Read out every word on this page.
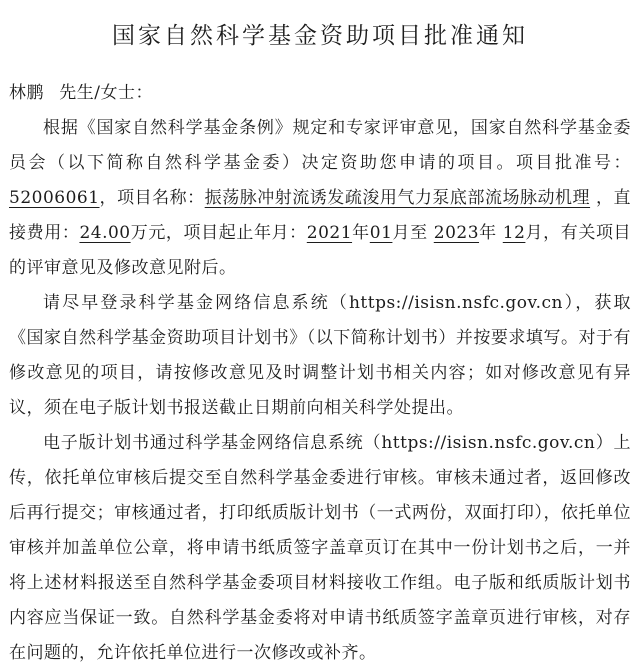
国家自然科学基金资助项目批准通知
林鹏 先生/女士：

根据《国家自然科学基金条例》规定和专家评审意见，国家自然科学基金委员会（以下简称自然科学基金委）决定资助您申请的项目。项目批准号：52006061，项目名称：振荡脉冲射流诱发疏浚用气力泵底部流场脉动机理 ，直接费用：24.00万元，项目起止年月：2021年01月至 2023年 12月，有关项目的评审意见及修改意见附后。

请尽早登录科学基金网络信息系统（https://isisn.nsfc.gov.cn），获取《国家自然科学基金资助项目计划书》（以下简称计划书）并按要求填写。对于有修改意见的项目，请按修改意见及时调整计划书相关内容；如对修改意见有异议，须在电子版计划书报送截止日期前向相关科学处提出。

电子版计划书通过科学基金网络信息系统（https://isisn.nsfc.gov.cn）上传，依托单位审核后提交至自然科学基金委进行审核。审核未通过者，返回修改后再行提交；审核通过者，打印纸质版计划书（一式两份，双面打印），依托单位审核并加盖单位公章，将申请书纸质签字盖章页订在其中一份计划书之后，一并将上述材料报送至自然科学基金委项目材料接收工作组。电子版和纸质版计划书内容应当保证一致。自然科学基金委将对申请书纸质签字盖章页进行审核，对存在问题的，允许依托单位进行一次修改或补齐。
